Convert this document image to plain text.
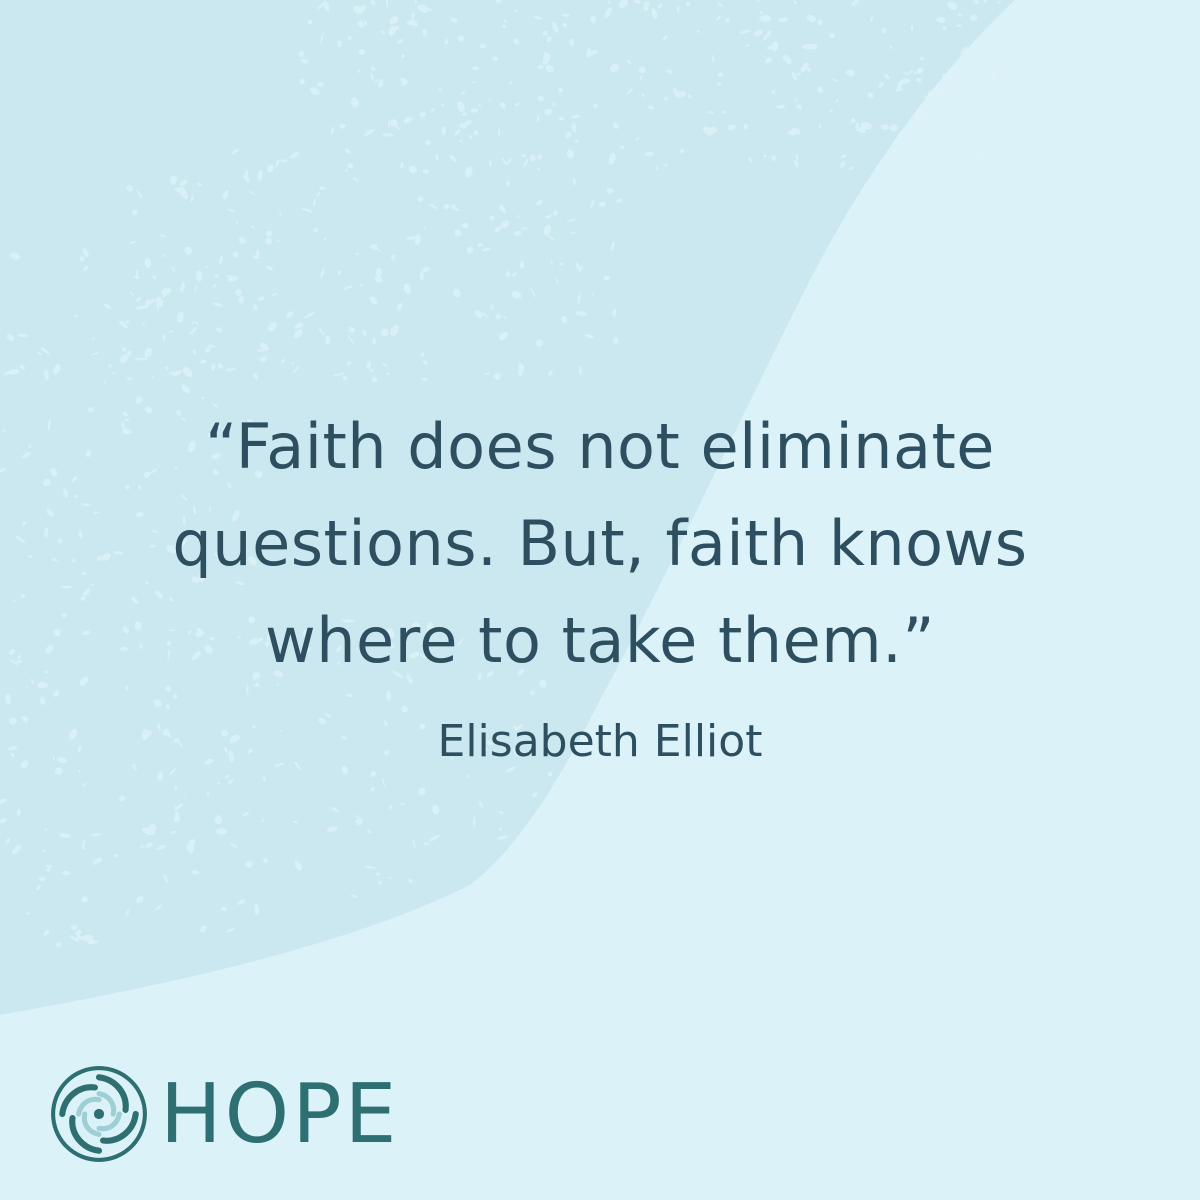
“Faith does not eliminate
questions. But, faith knows
where to take them.”
Elisabeth Elliot
HOPE
